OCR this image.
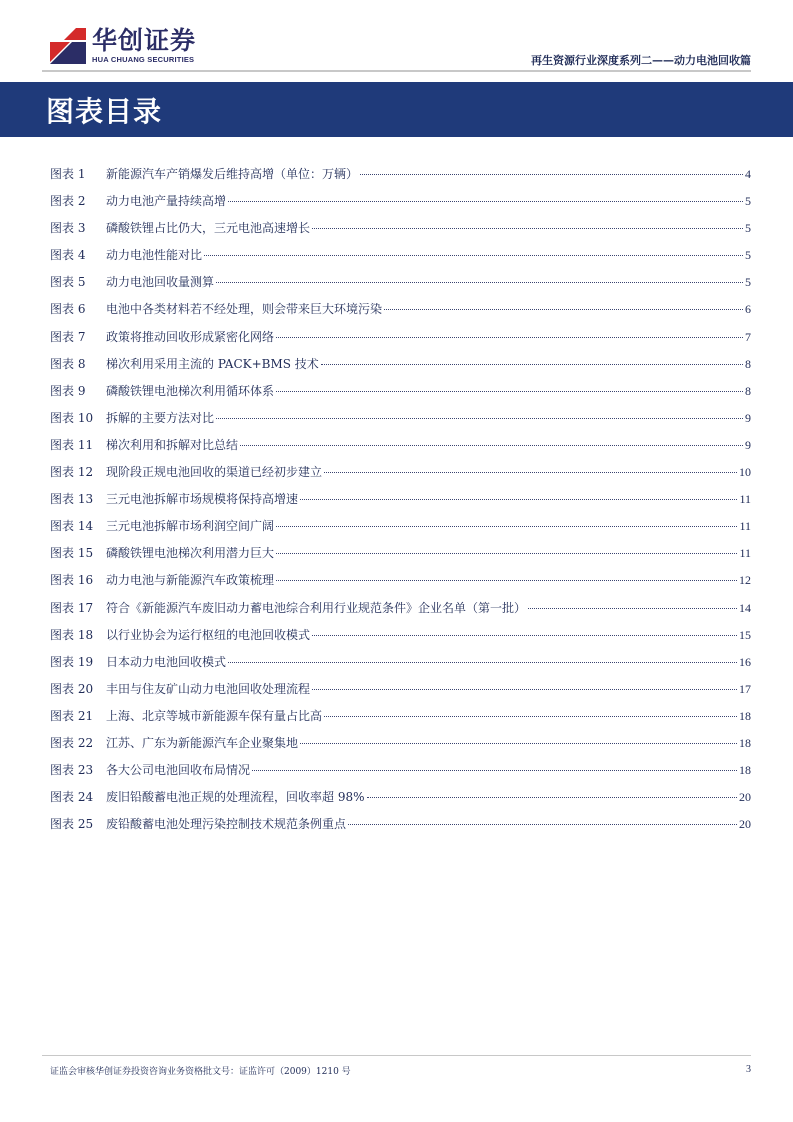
华创证券
HUA CHUANG SECURITIES	再生资源行业深度系列二——动力电池回收篇
图表目录
图表 1	新能源汽车产销爆发后维持高增（单位：万辆）	4
图表 2	动力电池产量持续高增	5
图表 3	磷酸铁锂占比仍大，三元电池高速增长	5
图表 4	动力电池性能对比	5
图表 5	动力电池回收量测算	5
图表 6	电池中各类材料若不经处理，则会带来巨大环境污染	6
图表 7	政策将推动回收形成紧密化网络	7
图表 8	梯次利用采用主流的 PACK+BMS 技术	8
图表 9	磷酸铁锂电池梯次利用循环体系	8
图表 10	拆解的主要方法对比	9
图表 11	梯次利用和拆解对比总结	9
图表 12	现阶段正规电池回收的渠道已经初步建立	10
图表 13	三元电池拆解市场规模将保持高增速	11
图表 14	三元电池拆解市场利润空间广阔	11
图表 15	磷酸铁锂电池梯次利用潜力巨大	11
图表 16	动力电池与新能源汽车政策梳理	12
图表 17	符合《新能源汽车废旧动力蓄电池综合利用行业规范条件》企业名单（第一批）	14
图表 18	以行业协会为运行枢纽的电池回收模式	15
图表 19	日本动力电池回收模式	16
图表 20	丰田与住友矿山动力电池回收处理流程	17
图表 21	上海、北京等城市新能源车保有量占比高	18
图表 22	江苏、广东为新能源汽车企业聚集地	18
图表 23	各大公司电池回收布局情况	18
图表 24	废旧铅酸蓄电池正规的处理流程，回收率超 98%	20
图表 25	废铅酸蓄电池处理污染控制技术规范条例重点	20
证监会审核华创证券投资咨询业务资格批文号：证监许可（2009）1210 号	3
